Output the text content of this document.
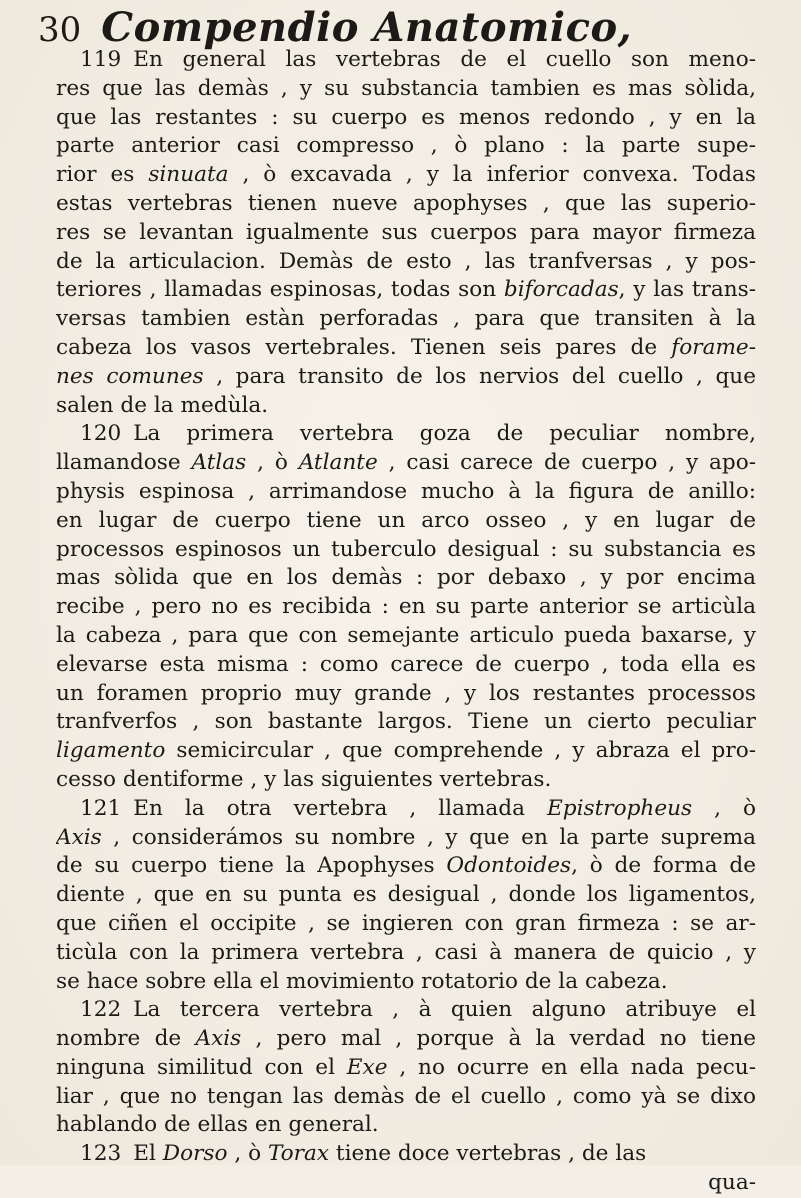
30 Compendio Anatomico,
119 En general las vertebras de el cuello son meno-
res que las demàs , y su substancia tambien es mas sòlida,
que las restantes : su cuerpo es menos redondo , y en la
parte anterior casi compresso , ò plano : la parte supe-
rior es sinuata , ò excavada , y la inferior convexa. Todas
estas vertebras tienen nueve apophyses , que las superio-
res se levantan igualmente sus cuerpos para mayor firmeza
de la articulacion. Demàs de esto , las tranfversas , y pos-
teriores , llamadas espinosas, todas son biforcadas, y las trans-
versas tambien estàn perforadas , para que transiten à la
cabeza los vasos vertebrales. Tienen seis pares de forame-
nes comunes , para transito de los nervios del cuello , que
salen de la medùla.
120 La primera vertebra goza de peculiar nombre,
llamandose Atlas , ò Atlante , casi carece de cuerpo , y apo-
physis espinosa , arrimandose mucho à la figura de anillo:
en lugar de cuerpo tiene un arco osseo , y en lugar de
processos espinosos un tuberculo desigual : su substancia es
mas sòlida que en los demàs : por debaxo , y por encima
recibe , pero no es recibida : en su parte anterior se articùla
la cabeza , para que con semejante articulo pueda baxarse, y
elevarse esta misma : como carece de cuerpo , toda ella es
un foramen proprio muy grande , y los restantes processos
tranfverfos , son bastante largos. Tiene un cierto peculiar
ligamento semicircular , que comprehende , y abraza el pro-
cesso dentiforme , y las siguientes vertebras.
121 En la otra vertebra , llamada Epistropheus , ò
Axis , considerámos su nombre , y que en la parte suprema
de su cuerpo tiene la Apophyses Odontoides, ò de forma de
diente , que en su punta es desigual , donde los ligamentos,
que ciñen el occipite , se ingieren con gran firmeza : se ar-
ticùla con la primera vertebra , casi à manera de quicio , y
se hace sobre ella el movimiento rotatorio de la cabeza.
122 La tercera vertebra , à quien alguno atribuye el
nombre de Axis , pero mal , porque à la verdad no tiene
ninguna similitud con el Exe , no ocurre en ella nada pecu-
liar , que no tengan las demàs de el cuello , como yà se dixo
hablando de ellas en general.
123 El Dorso , ò Torax tiene doce vertebras , de las
qua-
